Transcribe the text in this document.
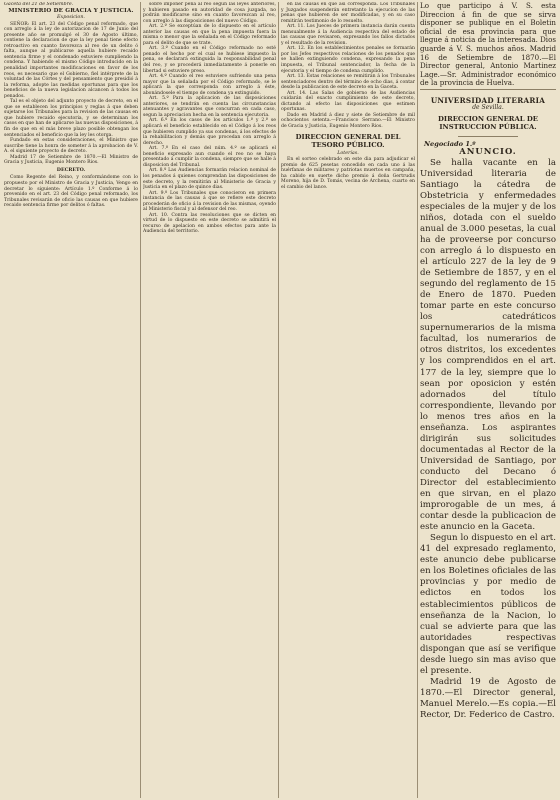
Gaceta del 21 de Setiembre.
MINISTERIO DE GRACIA Y JUSTICIA.
Exposicion.

SEÑOR: El art. 23 del Código penal reformado, que con arreglo á la ley de autorizacion de 17 de Junio del presente año se promulgó el 30 de Agosto último, contiene la declaracion de que la ley penal tiene efecto retroactivo en cuanto favorezca al reo de un delito ó falta, aunque al publicarse aquella hubiere recaido sentencia firme y el condenado estuviere cumpliendo la condena. Y habiendo el mismo Código introducido en la penalidad importantes modificaciones en favor de los reos, es necesario que el Gobierno, fiel intérprete de la voluntad de las Córtes y del pensamiento que presidió á la reforma, adopte las medidas oportunas para que los beneficios de la nueva legislacion alcancen á todos los penados.

Tal es el objeto del adjunto proyecto de decreto, en el que se establecen los principios y reglas á que deben sujetarse los Tribunales para la revision de las causas en que hubiere recaido ejecutoria, y se determinan los casos en que han de aplicarse las nuevas disposiciones, á fin de que en el más breve plazo posible obtengan los sentenciados el beneficio que la ley les otorga.

Fundado en estas consideraciones, el Ministro que suscribe tiene la honra de someter á la aprobacion de V. A. el siguiente proyecto de decreto.

Madrid 17 de Setiembre de 1870.—El Ministro de Gracia y Justicia, Eugenio Montero Rios.

DECRETO.

Como Regente del Reino, y conformándome con lo propuesto por el Ministro de Gracia y Justicia, Vengo en decretar lo siguiente: Artículo 1.º Conforme á lo prevenido en el art. 23 del Código penal reformado, los Tribunales revisarán de oficio las causas en que hubiere recaido sentencia firme por delitos ó faltas.

sobre imponer pena al reo según las leyes anteriores, y hubieren pasado en autoridad de cosa juzgada, no podrán modificarse sino en cuanto favorezcan al reo, con arreglo á las disposiciones del nuevo Código.

Art. 2.º Se exceptúan de lo dispuesto en el artículo anterior las causas en que la pena impuesta fuera la misma o menor que la señalada en el Código reformado para el delito de que se trate.

Art. 3.º Cuando en el Código reformado no esté penado el hecho por el cual se hubiese impuesto la pena, se declarará extinguida la responsabilidad penal del reo, y se procederá inmediatamente á ponerle en libertad si estuviere preso.

Art. 4.º Cuando el reo estuviere sufriendo una pena mayor que la señalada por el Código reformado, se le aplicará la que corresponda con arreglo á éste, abonándosele el tiempo de condena ya extinguido.

Art. 5.º Para la aplicacion de las disposiciones anteriores, se tendrán en cuenta las circunstancias atenuantes y agravantes que concurran en cada caso, segun la apreciacion hecha en la sentencia ejecutoria.

Art. 6.º En los casos de los artículos 1.º y 2.º se aplicará el beneficio establecido en el Código á los reos que hubieren cumplido ya sus condenas, á los efectos de la rehabilitacion y demás que procedan con arreglo á derecho.

Art. 7.º En el caso del núm. 4.º se aplicará el beneficio expresado aun cuando el reo no se haya presentado á cumplir la condena, siempre que se halle á disposicion del Tribunal.

Art. 8.º Las Audiencias formarán relacion nominal de los penados á quienes comprendan las disposiciones de este decreto, y la remitirán al Ministerio de Gracia y Justicia en el plazo de quince dias.

Art. 9.º Los Tribunales que conocieron en primera instancia de las causas á que se refiere este decreto procederán de oficio á la revision de las mismas, oyendo al Ministerio fiscal y al defensor del reo.

Art. 10. Contra las resoluciones que se dicten en virtud de lo dispuesto en este decreto se admitirá el recurso de apelacion en ambos efectos para ante la Audiencia del territorio.

en las causas en que así corresponda. Los Tribunales y Juzgados suspenderán entretanto la ejecucion de las penas que hubieren de ser modificadas, y en su caso remitirán testimonio de lo resuelto.

Art. 11. Los Jueces de primera instancia darán cuenta mensualmente á la Audiencia respectiva del estado de las causas que revisaren, expresando los fallos dictados y el resultado de la revision.

Art. 12. En los establecimientos penales se formarán por los Jefes respectivos relaciones de los penados que se hallen extinguiendo condena, expresando la pena impuesta, el Tribunal sentenciador, la fecha de la ejecutoria y el tiempo de condena cumplido.

Art. 13. Estas relaciones se remitirán á los Tribunales sentenciadores dentro del término de ocho dias, á contar desde la publicacion de este decreto en la Gaceta.

Art. 14. Las Salas de gobierno de las Audiencias cuidarán del exacto cumplimiento de este decreto, dictando al efecto las disposiciones que estimen oportunas.

Dado en Madrid á diez y siete de Setiembre de mil ochocientos setenta.—Francisco Serrano.—El Ministro de Gracia y Justicia, Eugenio Montero Rios.

DIRECCION GENERAL DEL TESORO PÚBLICO.
Loterías.

En el sorteo celebrado en este dia para adjudicar el premio de 625 pesetas concedido en cada uno á las huérfanas de militares y patriotas muertos en campaña, ha cabido en suerte dicho premio á doña Gertrudis Moreno, hija de D. Tomás, vecina de Archena, cuarto en el cambio del lance.

Lo que participo á V. S. esta Direccion á fin de que se sirva disponer se publique en el Boletin oficial de esa provincia para que llegue á noticia de la interesada. Dios guarde á V. S. muchos años. Madrid 16 de Setiembre de 1870.—El Director general, Antonio Martinez Lage.—Sr. Administrador económico de la provincia de Huelva.
UNIVERSIDAD LITERARIA
de Sevilla.
DIRECCION GENERAL DE INSTRUCCION PÚBLICA.
Negociado 1.º
ANUNCIO.

Se halla vacante en la Universidad literaria de Santiago la cátedra de Obstetricia y enfermedades especiales de la mujer y de los niños, dotada con el sueldo anual de 3.000 pesetas, la cual ha de proveerse por concurso con arreglo á lo dispuesto en el artículo 227 de la ley de 9 de Setiembre de 1857, y en el segundo del reglamento de 15 de Enero de 1870. Pueden tomar parte en este concurso los catedráticos supernumerarios de la misma facultad, los numerarios de otros distritos, los excedentes y los comprendidos en el art. 177 de la ley, siempre que lo sean por oposicion y estén adornados del título correspondiente, llevando por lo menos tres años en la enseñanza. Los aspirantes dirigirán sus solicitudes documentadas al Rector de la Universidad de Santiago, por conducto del Decano ó Director del establecimiento en que sirvan, en el plazo improrogable de un mes, á contar desde la publicacion de este anuncio en la Gaceta.

Segun lo dispuesto en el art. 41 del expresado reglamento, este anuncio debe publicarse en los Boletines oficiales de las provincias y por medio de edictos en todos los establecimientos públicos de enseñanza de la Nacion, lo cual se advierte para que las autoridades respectivas dispongan que así se verifique desde luego sin mas aviso que el presente.

Madrid 19 de Agosto de 1870.—El Director general, Manuel Merelo.—Es copia.—El Rector, Dr. Federico de Castro.
